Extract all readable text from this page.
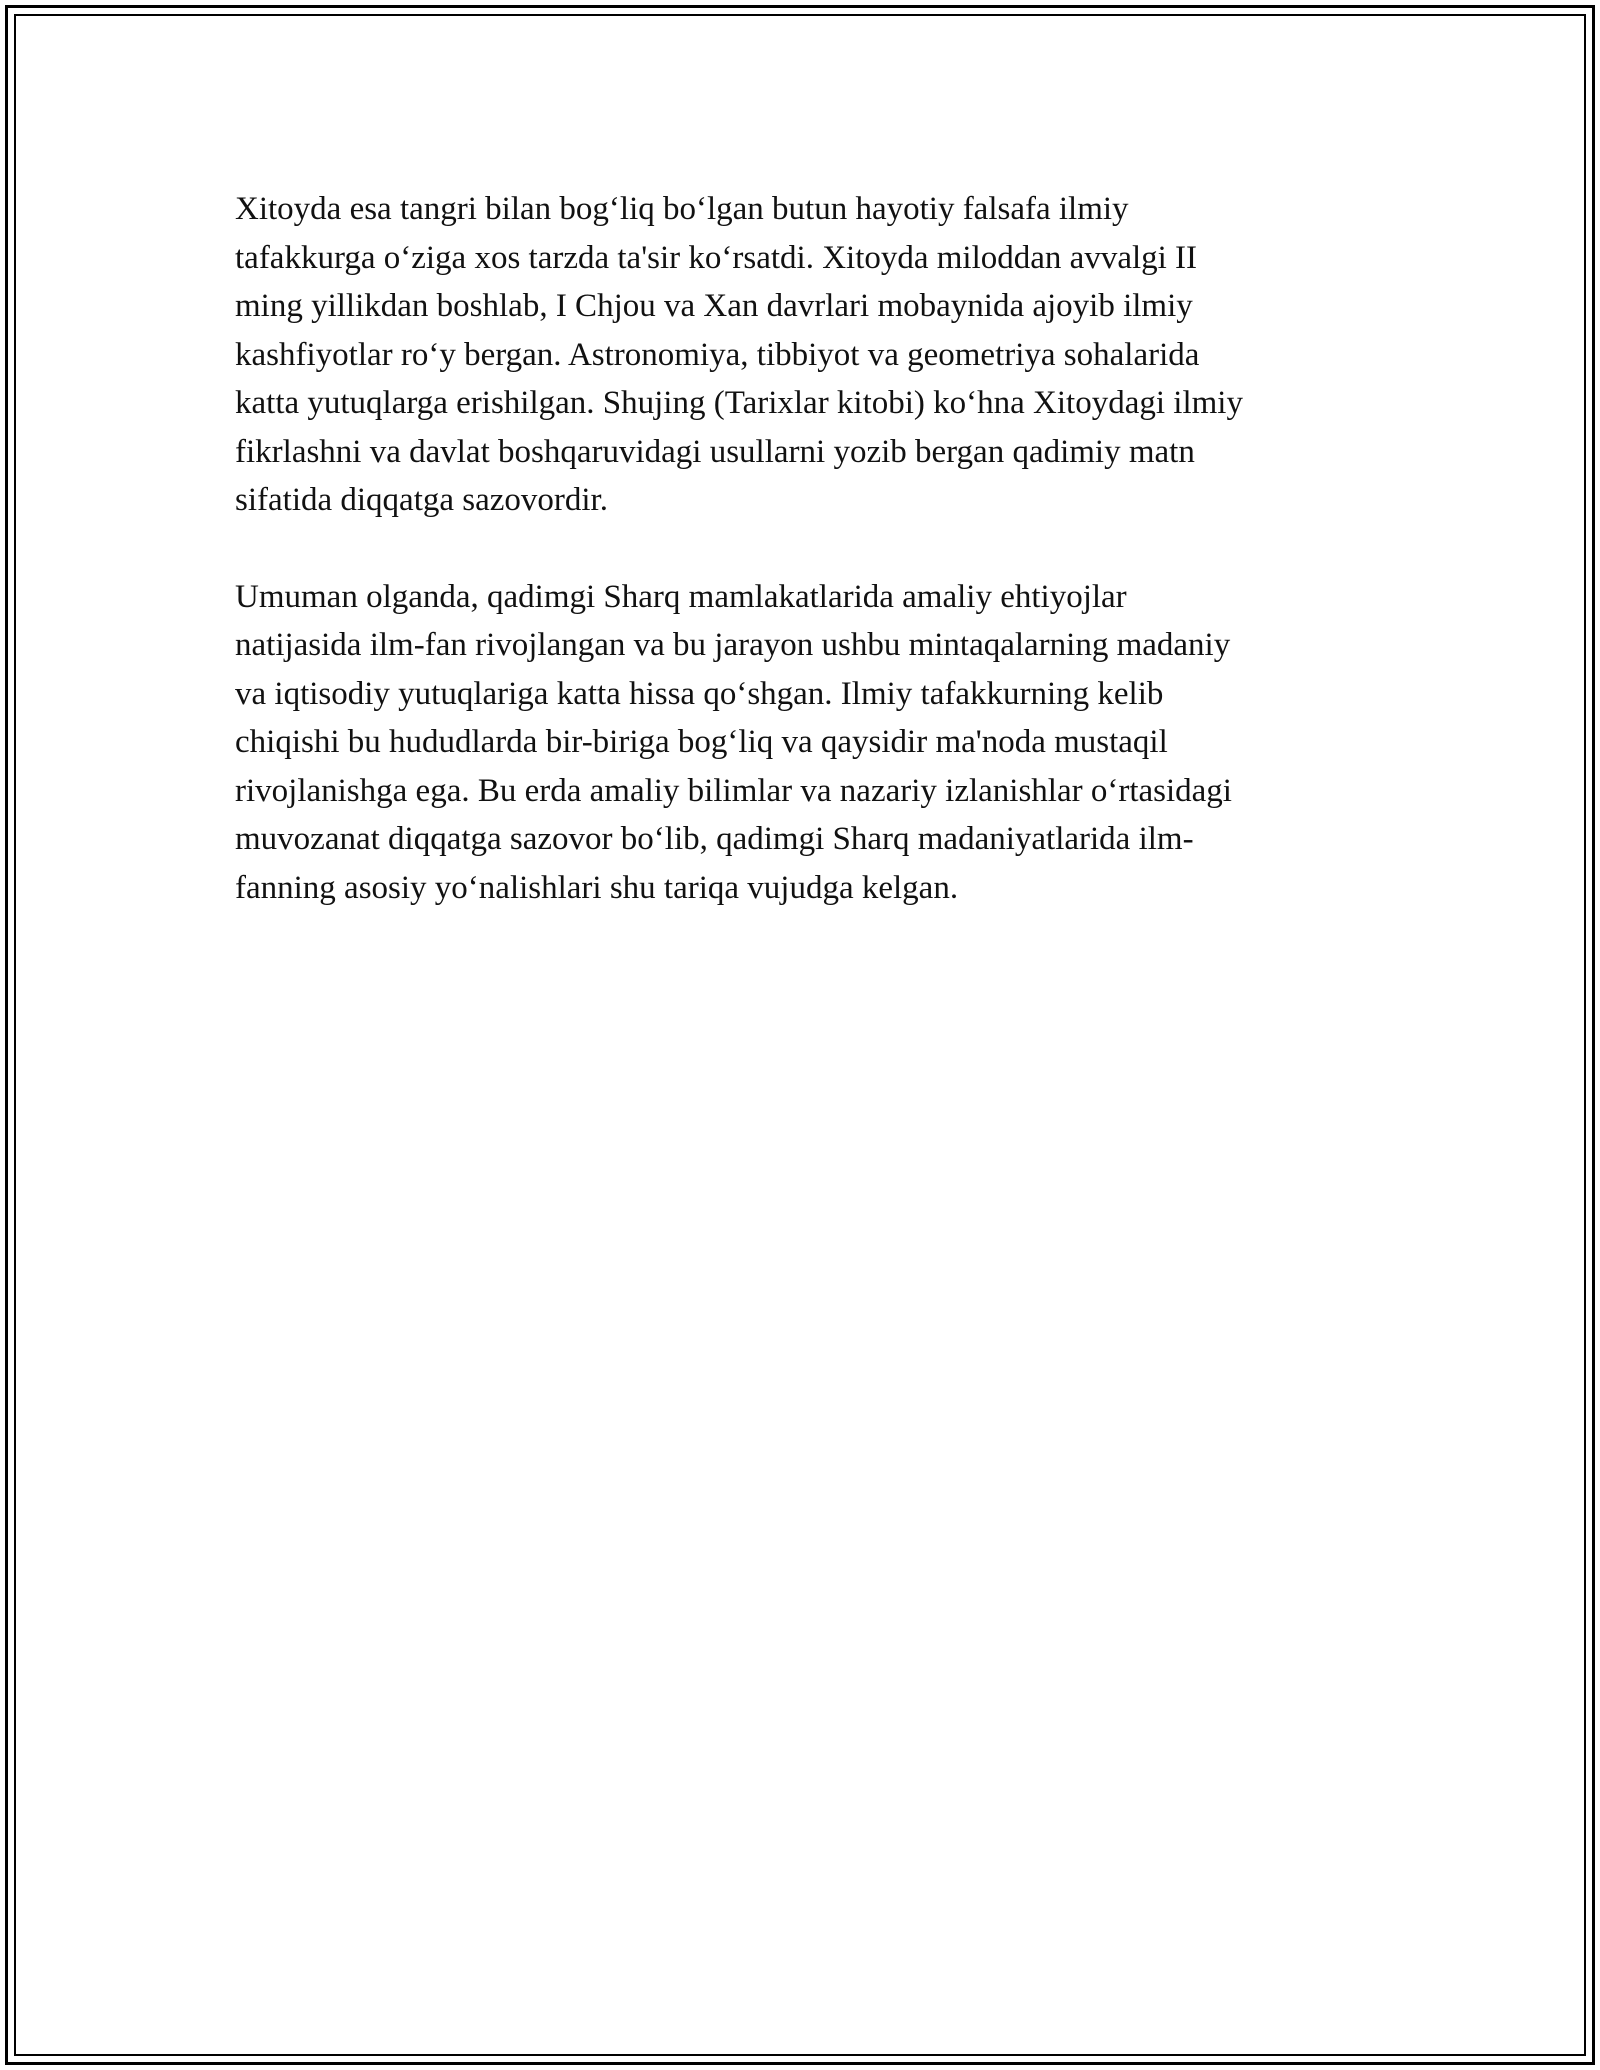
Xitoyda esa tangri bilan bog‘liq bo‘lgan butun hayotiy falsafa ilmiy
tafakkurga o‘ziga xos tarzda ta'sir ko‘rsatdi. Xitoyda miloddan avvalgi II
ming yillikdan boshlab, I Chjou va Xan davrlari mobaynida ajoyib ilmiy
kashfiyotlar ro‘y bergan. Astronomiya, tibbiyot va geometriya sohalarida
katta yutuqlarga erishilgan. Shujing (Tarixlar kitobi) ko‘hna Xitoydagi ilmiy
fikrlashni va davlat boshqaruvidagi usullarni yozib bergan qadimiy matn
sifatida diqqatga sazovordir.

Umuman olganda, qadimgi Sharq mamlakatlarida amaliy ehtiyojlar
natijasida ilm-fan rivojlangan va bu jarayon ushbu mintaqalarning madaniy
va iqtisodiy yutuqlariga katta hissa qo‘shgan. Ilmiy tafakkurning kelib
chiqishi bu hududlarda bir-biriga bog‘liq va qaysidir ma'noda mustaqil
rivojlanishga ega. Bu erda amaliy bilimlar va nazariy izlanishlar o‘rtasidagi
muvozanat diqqatga sazovor bo‘lib, qadimgi Sharq madaniyatlarida ilm-
fanning asosiy yo‘nalishlari shu tariqa vujudga kelgan.
